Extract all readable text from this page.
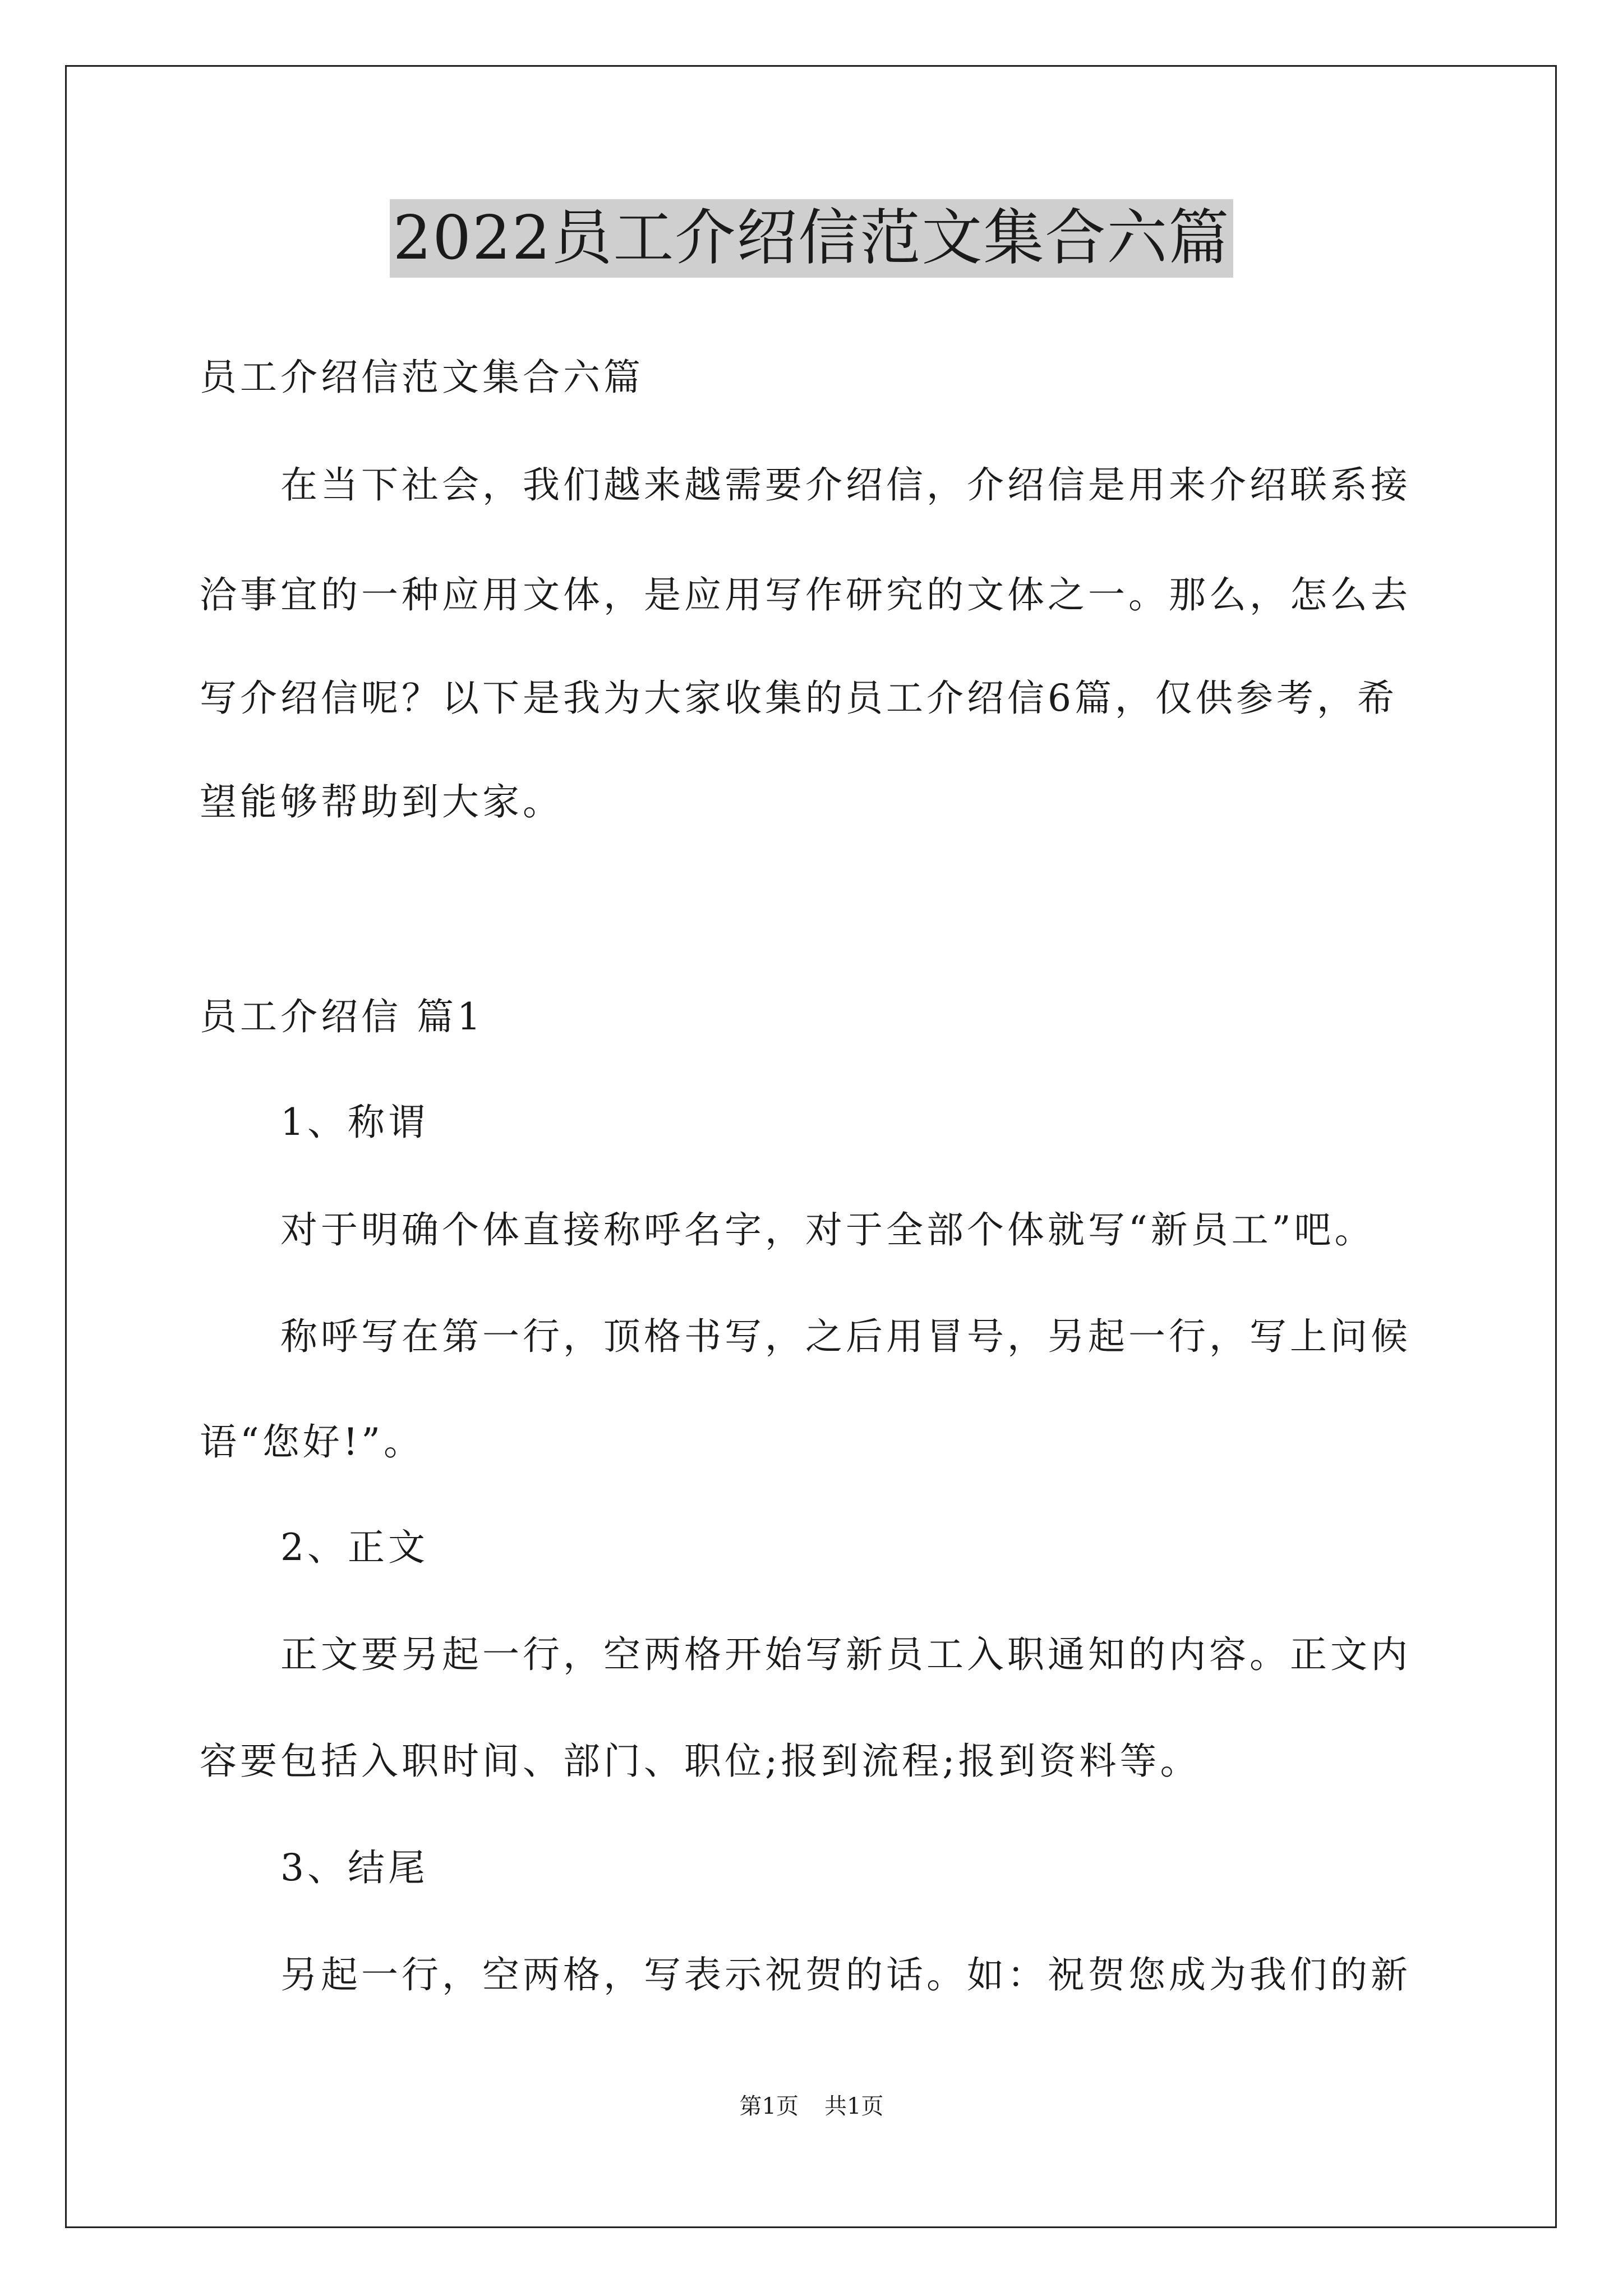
2022员工介绍信范文集合六篇
员工介绍信范文集合六篇
在当下社会，我们越来越需要介绍信，介绍信是用来介绍联系接
洽事宜的一种应用文体，是应用写作研究的文体之一。那么，怎么去
写介绍信呢？以下是我为大家收集的员工介绍信6篇，仅供参考，希
望能够帮助到大家。
员工介绍信 篇1
1、称谓
对于明确个体直接称呼名字，对于全部个体就写“新员工”吧。
称呼写在第一行，顶格书写，之后用冒号，另起一行，写上问候
语“您好!”。
2、正文
正文要另起一行，空两格开始写新员工入职通知的内容。正文内
容要包括入职时间、部门、职位;报到流程;报到资料等。
3、结尾
另起一行，空两格，写表示祝贺的话。如：祝贺您成为我们的新
第1页 共1页
